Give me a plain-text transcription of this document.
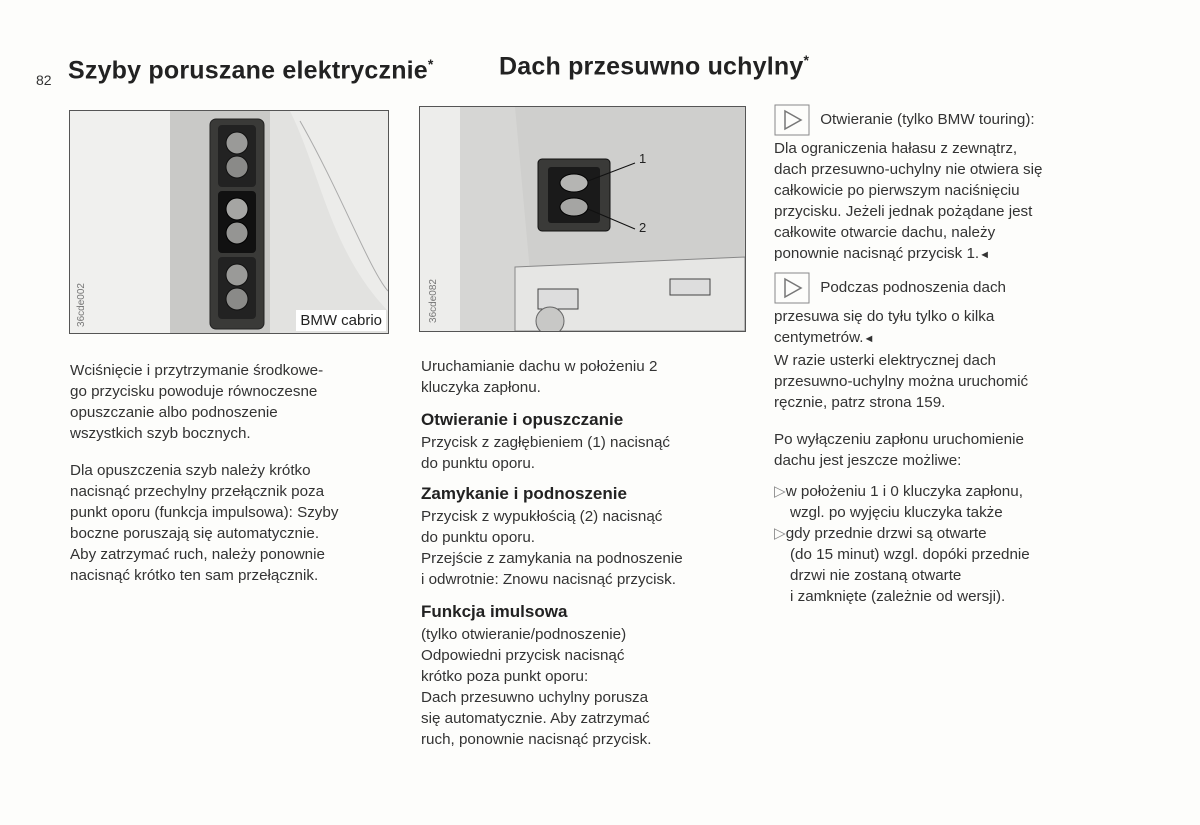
82 Szyby poruszane elektrycznie*	Dach przesuwno uchylny*
36cde002	BMW cabrio	36cde082
1
2

Wciśnięcie i przytrzymanie środkowe-

go przycisku powoduje równoczesne

opuszczanie albo podnoszenie

wszystkich szyb bocznych.

Dla opuszczenia szyb należy krótko

nacisnąć przechylny przełącznik poza

punkt oporu (funkcja impulsowa): Szyby

boczne poruszają się automatycznie.

Aby zatrzymać ruch, należy ponownie

nacisnąć krótko ten sam przełącznik.

Uruchamianie dachu w położeniu 2

kluczyka zapłonu.

Otwieranie i opuszczanie

Przycisk z zagłębieniem (1) nacisnąć

do punktu oporu.

Zamykanie i podnoszenie

Przycisk z wypukłością (2) nacisnąć

do punktu oporu.

Przejście z zamykania na podnoszenie

i odwrotnie: Znowu nacisnąć przycisk.

Funkcja imulsowa

(tylko otwieranie/podnoszenie)

Odpowiedni przycisk nacisnąć

krótko poza punkt oporu:

Dach przesuwno uchylny porusza

się automatycznie. Aby zatrzymać

ruch, ponownie nacisnąć przycisk.

Otwieranie (tylko BMW touring):

Dla ograniczenia hałasu z zewnątrz,

dach przesuwno-uchylny nie otwiera się

całkowicie po pierwszym naciśnięciu

przycisku. Jeżeli jednak pożądane jest

całkowite otwarcie dachu, należy

ponownie nacisnąć przycisk 1.◄

Podczas podnoszenia dach

przesuwa się do tyłu tylko o kilka

centymetrów.◄

W razie usterki elektrycznej dach

przesuwno-uchylny można uruchomić

ręcznie, patrz strona 159.

Po wyłączeniu zapłonu uruchomienie

dachu jest jeszcze możliwe:

▷w położeniu 1 i 0 kluczyka zapłonu,

wzgl. po wyjęciu kluczyka także

▷gdy przednie drzwi są otwarte

(do 15 minut) wzgl. dopóki przednie

drzwi nie zostaną otwarte

i zamknięte (zależnie od wersji).
